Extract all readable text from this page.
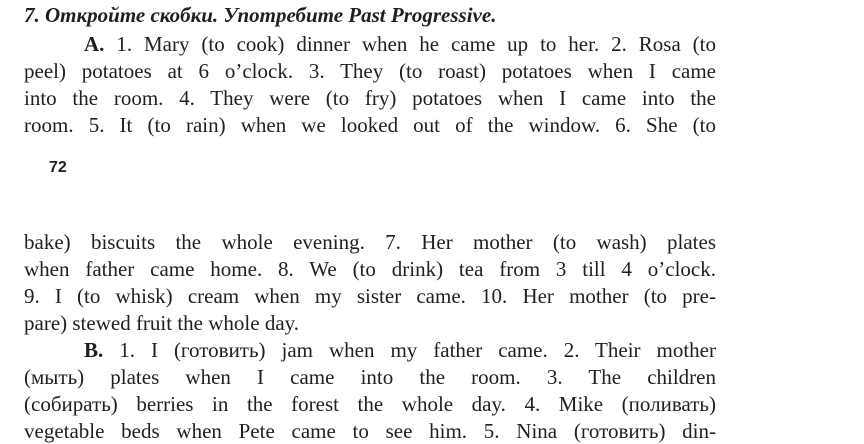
7. Откройте скобки. Употребите Past Progressive.
A. 1. Mary (to cook) dinner when he came up to her. 2. Rosa (to
peel) potatoes at 6 o’clock. 3. They (to roast) potatoes when I came
into the room. 4. They were (to fry) potatoes when I came into the
room. 5. It (to rain) when we looked out of the window. 6. She (to
72
bake) biscuits the whole evening. 7. Her mother (to wash) plates
when father came home. 8. We (to drink) tea from 3 till 4 o’clock.
9. I (to whisk) cream when my sister came. 10. Her mother (to pre-
pare) stewed fruit the whole day.
B. 1. I (готовить) jam when my father came. 2. Their mother
(мыть) plates when I came into the room. 3. The children
(собирать) berries in the forest the whole day. 4. Mike (поливать)
vegetable beds when Pete came to see him. 5. Nina (готовить) din-
